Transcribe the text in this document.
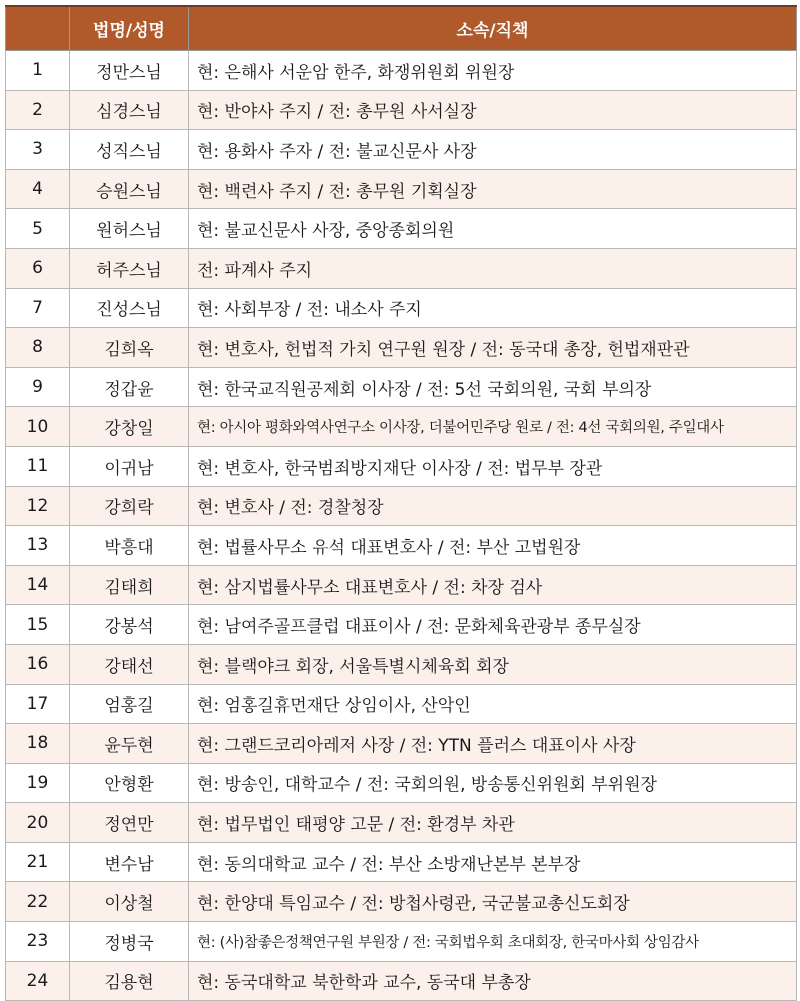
	법명/성명	소속/직책
1	정만스님	현: 은해사 서운암 한주, 화쟁위원회 위원장
2	심경스님	현: 반야사 주지 / 전: 총무원 사서실장
3	성직스님	현: 용화사 주자 / 전: 불교신문사 사장
4	승원스님	현: 백련사 주지 / 전: 총무원 기획실장
5	원허스님	현: 불교신문사 사장, 중앙종회의원
6	허주스님	전: 파계사 주지
7	진성스님	현: 사회부장 / 전: 내소사 주지
8	김희옥	현: 변호사, 헌법적 가치 연구원 원장 / 전: 동국대 총장, 헌법재판관
9	정갑윤	현: 한국교직원공제회 이사장 / 전: 5선 국회의원, 국회 부의장
10	강창일	현: 아시아 평화와역사연구소 이사장, 더불어민주당 원로 / 전: 4선 국회의원, 주일대사
11	이귀남	현: 변호사, 한국범죄방지재단 이사장 / 전: 법무부 장관
12	강희락	현: 변호사 / 전: 경찰청장
13	박흥대	현: 법률사무소 유석 대표변호사 / 전: 부산 고법원장
14	김태희	현: 삼지법률사무소 대표변호사 / 전: 차장 검사
15	강봉석	현: 남여주골프클럽 대표이사 / 전: 문화체육관광부 종무실장
16	강태선	현: 블랙야크 회장, 서울특별시체육회 회장
17	엄홍길	현: 엄홍길휴먼재단 상임이사, 산악인
18	윤두현	현: 그랜드코리아레저 사장 / 전: YTN 플러스 대표이사 사장
19	안형환	현: 방송인, 대학교수 / 전: 국회의원, 방송통신위원회 부위원장
20	정연만	현: 법무법인 태평양 고문 / 전: 환경부 차관
21	변수남	현: 동의대학교 교수 / 전: 부산 소방재난본부 본부장
22	이상철	현: 한양대 특임교수 / 전: 방첩사령관, 국군불교총신도회장
23	정병국	현: (사)참좋은정책연구원 부원장 / 전: 국회법우회 초대회장, 한국마사회 상임감사
24	김용현	현: 동국대학교 북한학과 교수, 동국대 부총장
